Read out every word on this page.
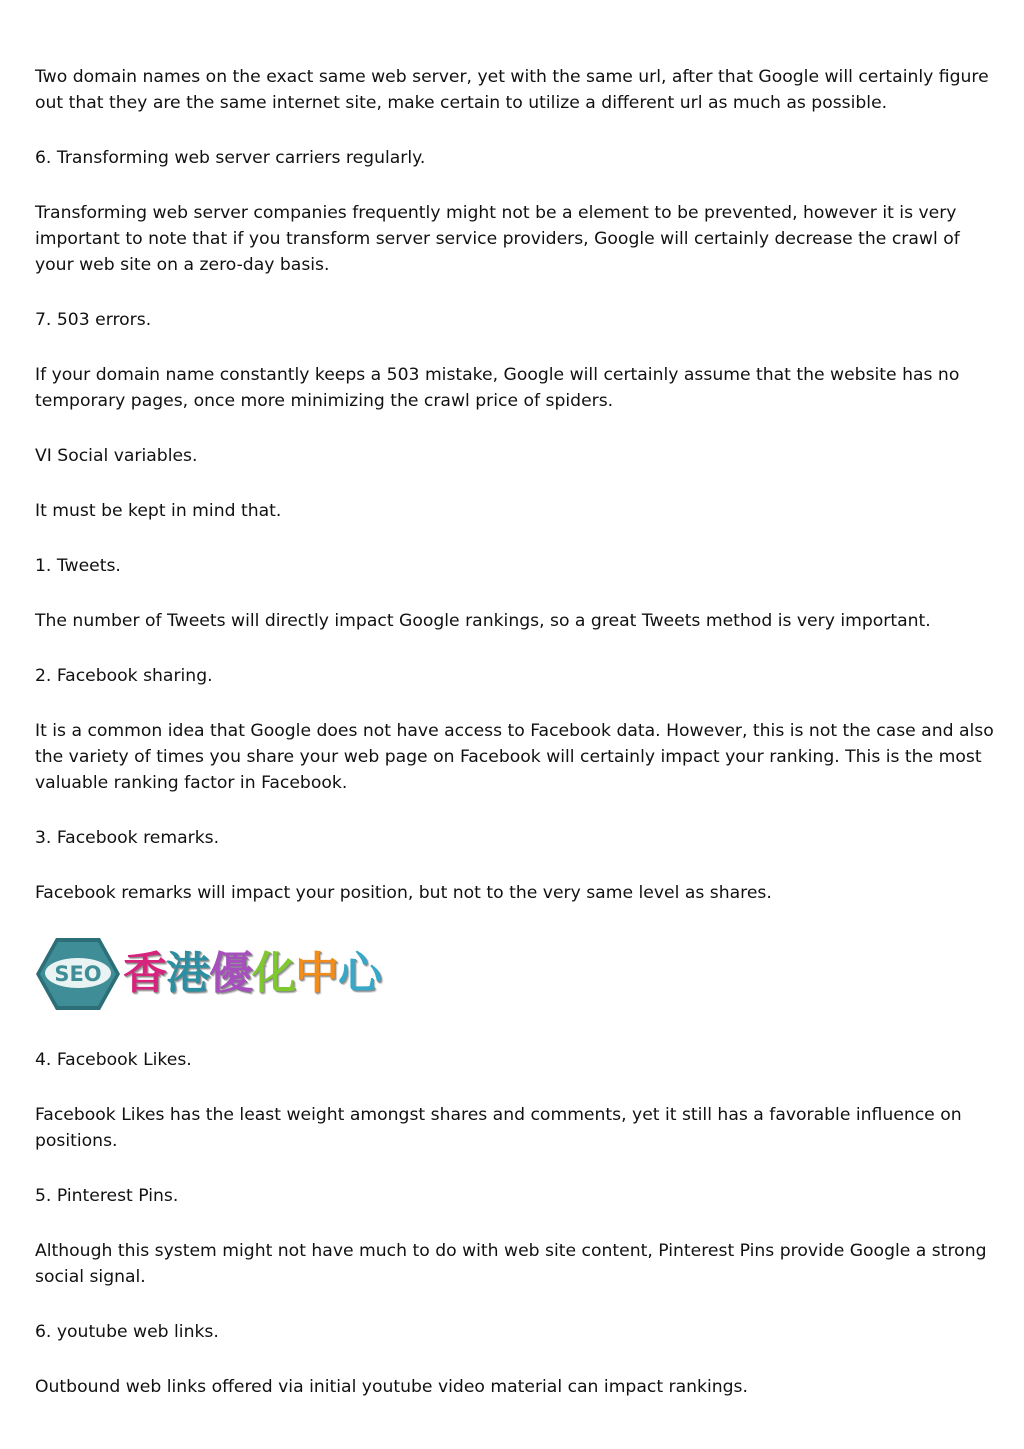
Two domain names on the exact same web server, yet with the same url, after that Google will certainly figure out that they are the same internet site, make certain to utilize a different url as much as possible.

6. Transforming web server carriers regularly.

Transforming web server companies frequently might not be a element to be prevented, however it is very important to note that if you transform server service providers, Google will certainly decrease the crawl of your web site on a zero-day basis.

7. 503 errors.

If your domain name constantly keeps a 503 mistake, Google will certainly assume that the website has no temporary pages, once more minimizing the crawl price of spiders.

VI Social variables.

It must be kept in mind that.

1. Tweets.

The number of Tweets will directly impact Google rankings, so a great Tweets method is very important.

2. Facebook sharing.

It is a common idea that Google does not have access to Facebook data. However, this is not the case and also the variety of times you share your web page on Facebook will certainly impact your ranking. This is the most valuable ranking factor in Facebook.

3. Facebook remarks.

Facebook remarks will impact your position, but not to the very same level as shares.

SEO 香 港 優 化 中 心

4. Facebook Likes.

Facebook Likes has the least weight amongst shares and comments, yet it still has a favorable influence on positions.

5. Pinterest Pins.

Although this system might not have much to do with web site content, Pinterest Pins provide Google a strong social signal.

6. youtube web links.

Outbound web links offered via initial youtube video material can impact rankings.
